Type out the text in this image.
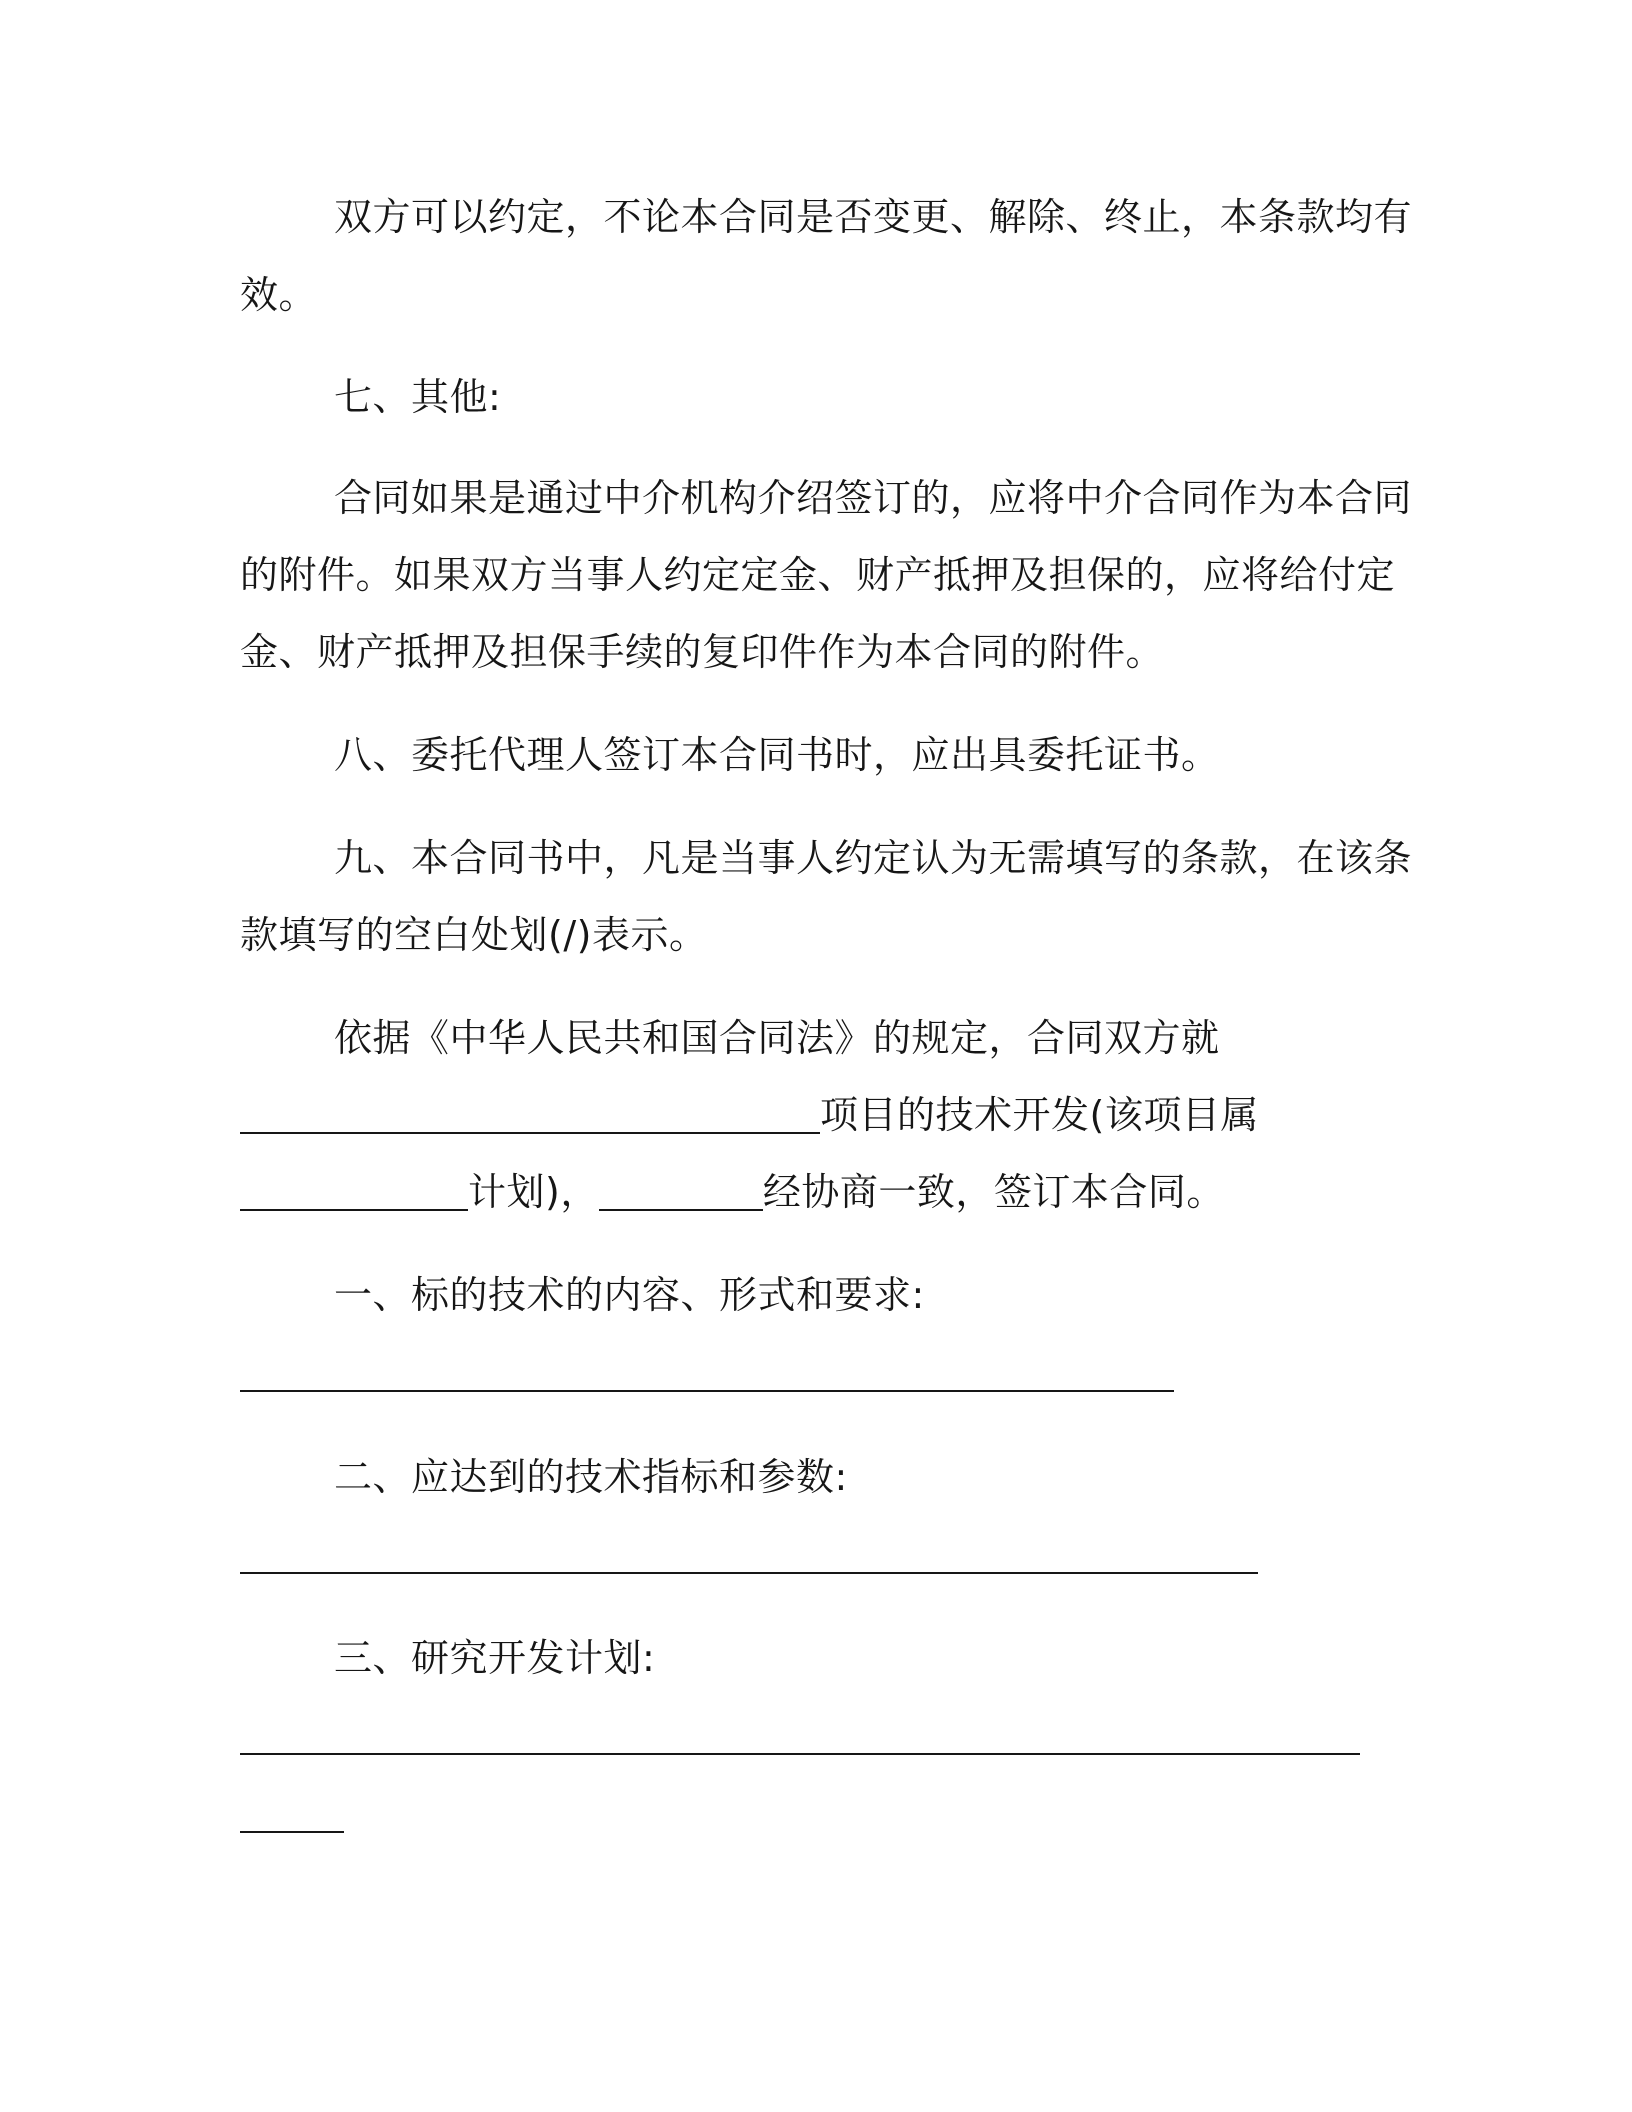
双方可以约定，不论本合同是否变更、解除、终止，本条款均有
效。
七、其他:
合同如果是通过中介机构介绍签订的，应将中介合同作为本合同
的附件。如果双方当事人约定定金、财产抵押及担保的，应将给付定
金、财产抵押及担保手续的复印件作为本合同的附件。
八、委托代理人签订本合同书时，应出具委托证书。
九、本合同书中，凡是当事人约定认为无需填写的条款，在该条
款填写的空白处划(/)表示。
依据《中华人民共和国合同法》的规定，合同双方就
项目的技术开发(该项目属
计划)，	经协商一致，签订本合同。
一、标的技术的内容、形式和要求:
二、应达到的技术指标和参数:
三、研究开发计划:
